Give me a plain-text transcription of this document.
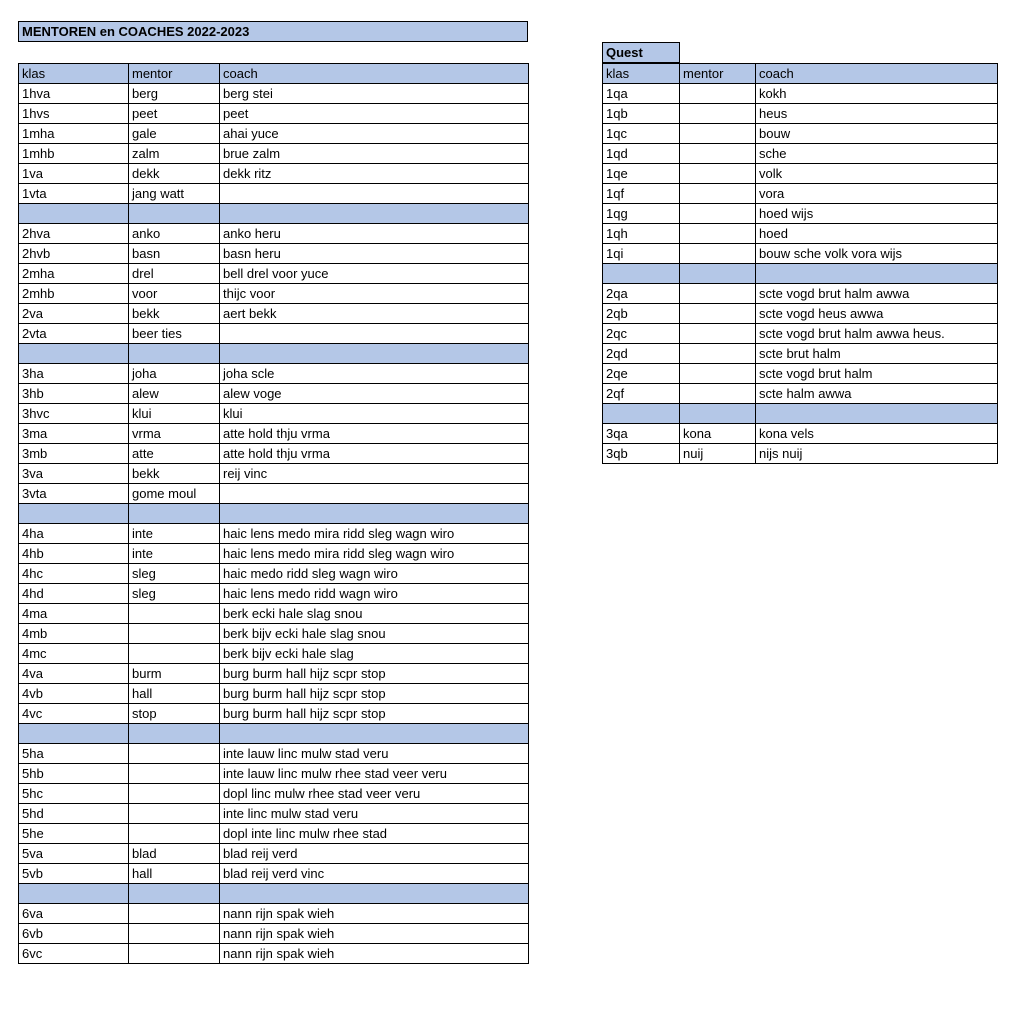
MENTOREN en COACHES 2022-2023
Quest
klas	mentor	coach
1hva	berg	berg stei
1hvs	peet	peet
1mha	gale	ahai yuce
1mhb	zalm	brue zalm
1va	dekk	dekk ritz
1vta	jang watt	

2hva	anko	anko heru
2hvb	basn	basn heru
2mha	drel	bell drel voor yuce
2mhb	voor	thijc voor
2va	bekk	aert bekk
2vta	beer ties	

3ha	joha	joha scle
3hb	alew	alew voge
3hvc	klui	klui
3ma	vrma	atte hold thju vrma
3mb	atte	atte hold thju vrma
3va	bekk	reij vinc
3vta	gome moul	

4ha	inte	haic lens medo mira ridd sleg wagn wiro
4hb	inte	haic lens medo mira ridd sleg wagn wiro
4hc	sleg	haic medo ridd sleg wagn wiro
4hd	sleg	haic lens medo ridd wagn wiro
4ma		berk ecki hale slag snou
4mb		berk bijv ecki hale slag snou
4mc		berk bijv ecki hale slag
4va	burm	burg burm hall hijz scpr stop
4vb	hall	burg burm hall hijz scpr stop
4vc	stop	burg burm hall hijz scpr stop

5ha		inte lauw linc mulw stad veru
5hb		inte lauw linc mulw rhee stad veer veru
5hc		dopl linc mulw rhee stad veer veru
5hd		inte linc mulw stad veru
5he		dopl inte linc mulw rhee stad
5va	blad	blad reij verd
5vb	hall	blad reij verd vinc

6va		nann rijn spak wieh
6vb		nann rijn spak wieh
6vc		nann rijn spak wieh
klas	mentor	coach
1qa		kokh
1qb		heus
1qc		bouw
1qd		sche
1qe		volk
1qf		vora
1qg		hoed wijs
1qh		hoed
1qi		bouw sche volk vora wijs

2qa		scte vogd brut halm awwa
2qb		scte vogd heus awwa
2qc		scte vogd brut halm awwa heus.
2qd		scte brut halm
2qe		scte vogd brut halm
2qf		scte halm awwa

3qa	kona	kona vels
3qb	nuij	nijs nuij
